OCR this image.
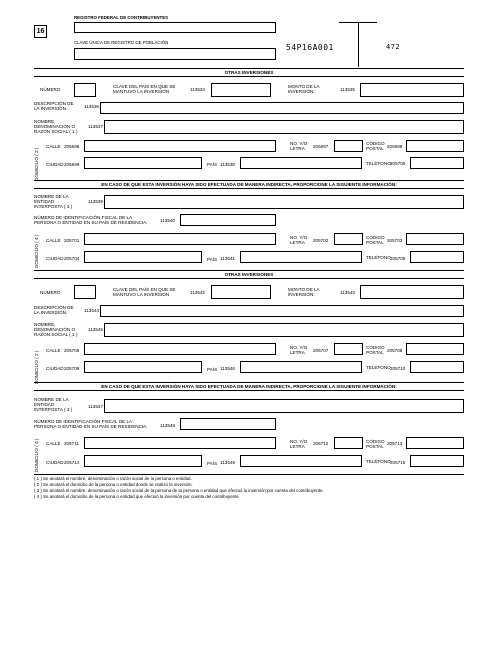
REGISTRO FEDERAL DE CONTRIBUYENTES
16
CLAVE ÚNICA DE REGISTRO DE POBLACIÓN
54P16A001	472
OTRAS INVERSIONES
NÚMERO
CLAVE DEL PAÍS EN QUE SE
MANTUVO LA INVERSIÓN	113534
MONTO DE LA
INVERSIÓN:	113535
DESCRIPCIÓN DE
LA INVERSIÓN.	113536
NOMBRE,
DENOMINACIÓN O
RAZÓN SOCIAL ( 1 )
113537
DOMICILIO ( 2 )
CALLE 205696
NO. Y/O
LETRA 205697
CÓDIGO
POSTAL 205698
CIUDAD 205699	PAÍS 113538	TELÉFONO 205700
EN CASO DE QUE ESTA INVERSIÓN HAYA SIDO EFECTUADA DE MANERA INDIRECTA, PROPORCIONE LA SIGUIENTE INFORMACIÓN:
NOMBRE DE LA
ENTIDAD
INTERPOSTA ( 3 )
113539
NÚMERO DE IDENTIFICACIÓN FISCAL DE LA
PERSONA O ENTIDAD EN SU PAÍS DE RESIDENCIA:	113540
DOMICILIO ( 4 ) CALLE 205701
NO. Y/O
LETRA 205702
CÓDIGO
POSTAL 205703
CIUDAD 205704	PAÍS 113541	TELÉFONO 205705
OTRAS INVERSIONES
NÚMERO
CLAVE DEL PAÍS EN QUE SE
MANTUVO LA INVERSIÓN	113542
MONTO DE LA
INVERSIÓN:	113543
DESCRIPCIÓN DE
LA INVERSIÓN.	113544
NOMBRE,
DENOMINACIÓN O
RAZÓN SOCIAL ( 1 )
113545
DOMICILIO ( 2 )
CALLE 205706
NO. Y/O
LETRA 205707
CÓDIGO
POSTAL 205708
CIUDAD 205709	PAÍS 113546	TELÉFONO 205710
EN CASO DE QUE ESTA INVERSIÓN HAYA SIDO EFECTUADA DE MANERA INDIRECTA, PROPORCIONE LA SIGUIENTE INFORMACIÓN:
NOMBRE DE LA
ENTIDAD
INTERPOSTA ( 3 )
113547
NÚMERO DE IDENTIFICACIÓN FISCAL DE LA
PERSONA O ENTIDAD EN SU PAÍS DE RESIDENCIA:	113548
DOMICILIO ( 4 ) CALLE 205711	NO. Y/O
LETRA
205712	CÓDIGO
POSTAL
205713
CIUDAD 205714	PAÍS 113549	TELÉFONO 205715
( 1 ) Se anotará el nombre, denominación o razón social de la persona o entidad.
( 2 ) Se anotará el domicilio de la persona o entidad donde se realizó la inversión.
( 3 ) Se anotará el nombre, denominación o razón social de la persona de la persona o entidad que efectuó la inversión por cuenta del contribuyente.
( 4 ) Se anotará el domicilio de la persona o entidad que efectuó la inversión por cuenta del contribuyente
